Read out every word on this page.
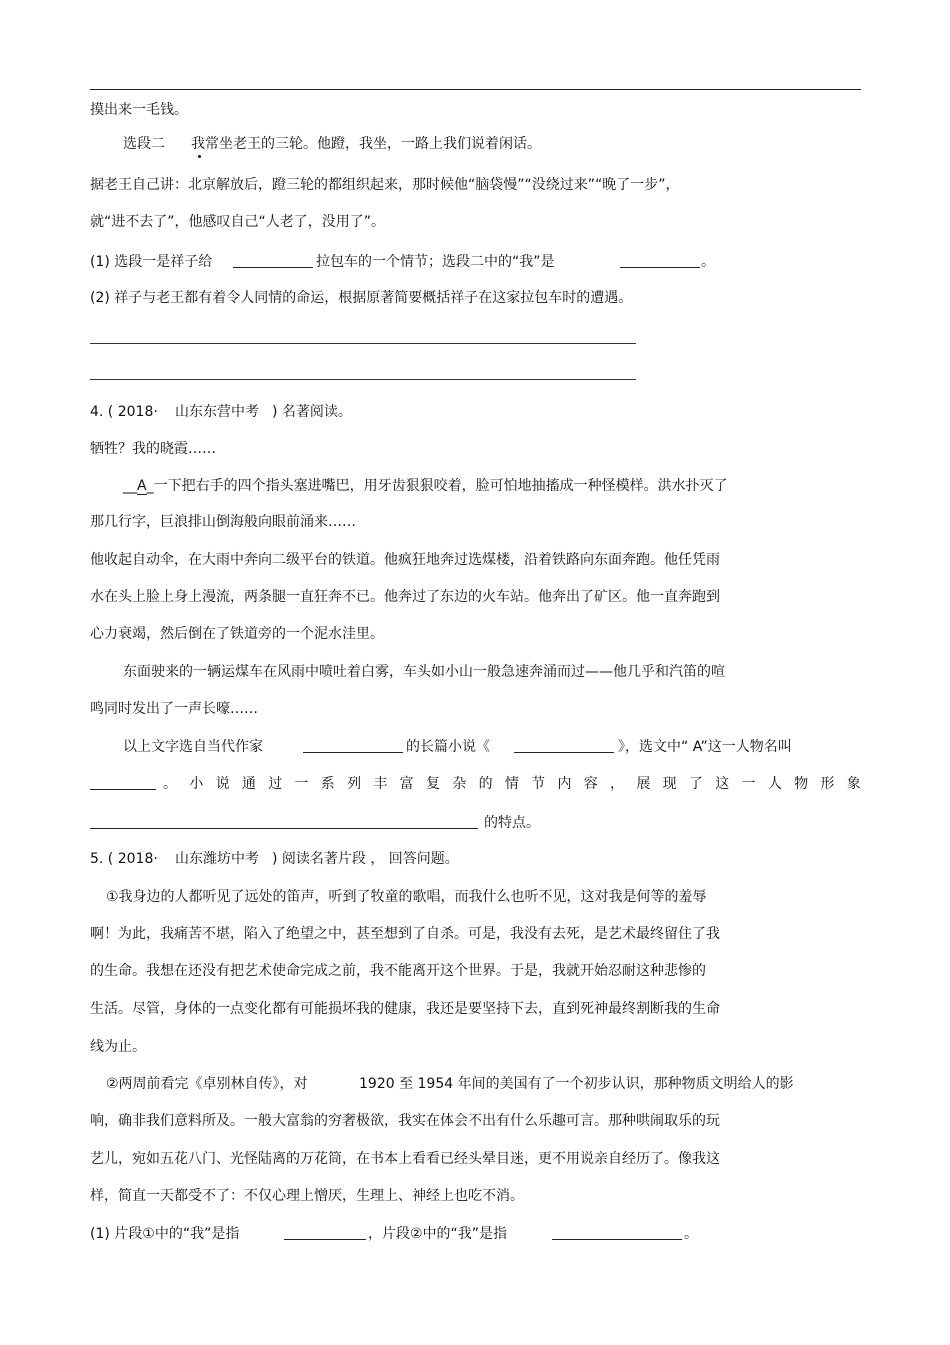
摸出来一毛钱。
选段二 我常坐老王的三轮。他蹬，我坐，一路上我们说着闲话。
据老王自己讲：北京解放后，蹬三轮的都组织起来，那时候他“脑袋慢”“没绕过来”“晚了一步”，
就“进不去了”，他感叹自己“人老了，没用了”。
(1) 选段一是祥子给	拉包车的一个情节；选段二中的“我”是	。
(2) 祥子与老王都有着令人同情的命运，根据原著简要概括祥子在这家拉包车时的遭遇。
4. ( 2018· 山东东营中考 ) 名著阅读。
牺牲？我的晓霞……
__A_一下把右手的四个指头塞进嘴巴，用牙齿狠狠咬着，脸可怕地抽搐成一种怪模样。洪水扑灭了
那几行字，巨浪排山倒海般向眼前涌来……
他收起自动伞，在大雨中奔向二级平台的铁道。他疯狂地奔过选煤楼，沿着铁路向东面奔跑。他任凭雨
水在头上脸上身上漫流，两条腿一直狂奔不已。他奔过了东边的火车站。他奔出了矿区。他一直奔跑到
心力衰竭，然后倒在了铁道旁的一个泥水洼里。
东面驶来的一辆运煤车在风雨中喷吐着白雾，车头如小山一般急速奔涌而过——他几乎和汽笛的喧
鸣同时发出了一声长嚎……
以上文字选自当代作家	的长篇小说《	》，选文中“ A”这一人物名叫
。 小 说 通 过 一 系 列 丰 富 复 杂 的 情 节 内 容 ， 展 现 了 这 一 人 物 形 象
的特点。
5. ( 2018· 山东潍坊中考 ) 阅读名著片段 ， 回答问题。
①我身边的人都听见了远处的笛声，听到了牧童的歌唱，而我什么也听不见，这对我是何等的羞辱
啊！为此，我痛苦不堪，陷入了绝望之中，甚至想到了自杀。可是，我没有去死，是艺术最终留住了我
的生命。我想在还没有把艺术使命完成之前，我不能离开这个世界。于是，我就开始忍耐这种悲惨的
生活。尽管，身体的一点变化都有可能损坏我的健康，我还是要坚持下去，直到死神最终割断我的生命
线为止。
②两周前看完《卓别林自传》，对	1920 至 1954 年间的美国有了一个初步认识，那种物质文明给人的影
响，确非我们意料所及。一般大富翁的穷奢极欲，我实在体会不出有什么乐趣可言。那种哄闹取乐的玩
艺儿，宛如五花八门、光怪陆离的万花筒，在书本上看看已经头晕目迷，更不用说亲自经历了。像我这
样，简直一天都受不了：不仅心理上憎厌，生理上、神经上也吃不消。
(1) 片段①中的“我”是指	，片段②中的“我”是指	。
